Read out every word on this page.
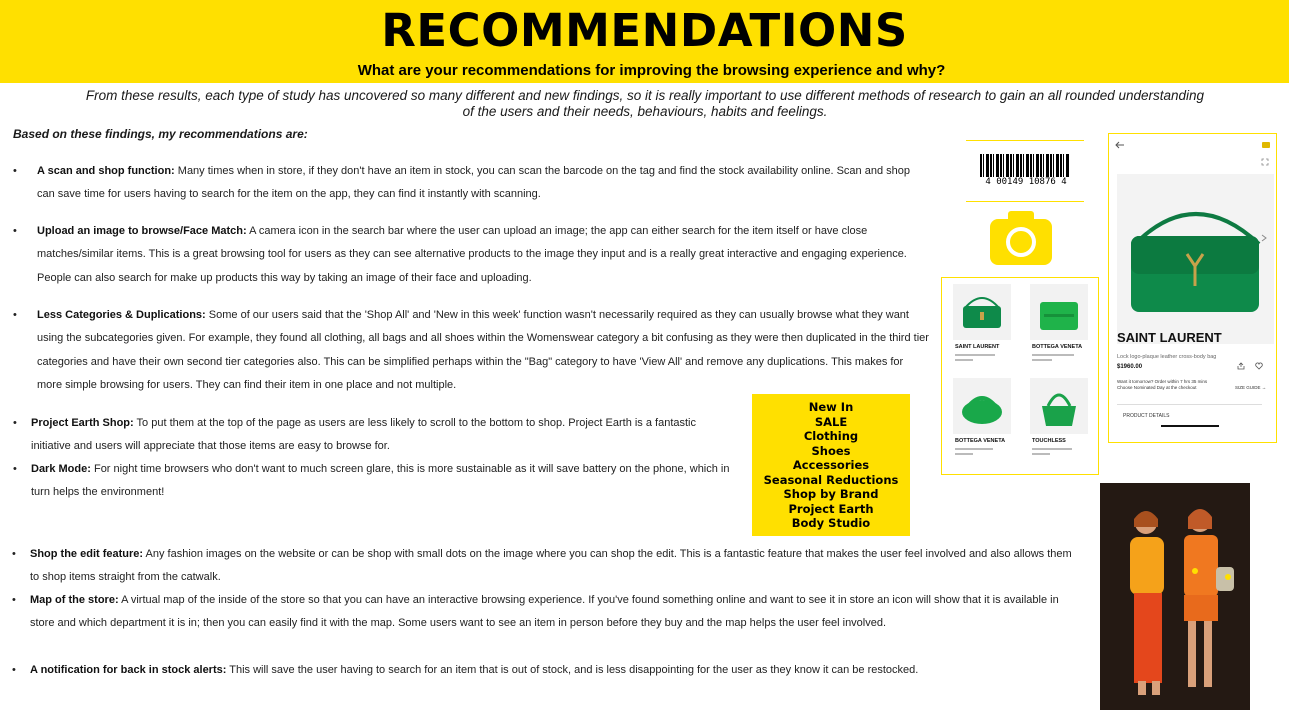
RECOMMENDATIONS
What are your recommendations for improving the browsing experience and why?
From these results, each type of study has uncovered so many different and new findings, so it is really important to use different methods of research to gain an all rounded understanding
of the users and their needs, behaviours, habits and feelings.
Based on these findings, my recommendations are:
• A scan and shop function: Many times when in store, if they don't have an item in stock, you can scan the barcode on the tag and find the stock availability online. Scan and shop can save time for users having to search for the item on the app, they can find it instantly with scanning.
• Upload an image to browse/Face Match: A camera icon in the search bar where the user can upload an image; the app can either search for the item itself or have close matches/similar items. This is a great browsing tool for users as they can see alternative products to the image they input and is a really great interactive and engaging experience. People can also search for make up products this way by taking an image of their face and uploading.
• Less Categories & Duplications: Some of our users said that the 'Shop All' and 'New in this week' function wasn't necessarily required as they can usually browse what they want using the subcategories given. For example, they found all clothing, all bags and all shoes within the Womenswear category a bit confusing as they were then duplicated in the third tier categories and have their own second tier categories also. This can be simplified perhaps within the "Bag" category to have 'View All' and remove any duplications. This makes for more simple browsing for users. They can find their item in one place and not multiple.
• Project Earth Shop: To put them at the top of the page as users are less likely to scroll to the bottom to shop. Project Earth is a fantastic initiative and users will appreciate that those items are easy to browse for.
• Dark Mode: For night time browsers who don't want to much screen glare, this is more sustainable as it will save battery on the phone, which in turn helps the environment!
• Shop the edit feature: Any fashion images on the website or can be shop with small dots on the image where you can shop the edit. This is a fantastic feature that makes the user feel involved and also allows them to shop items straight from the catwalk.
• Map of the store: A virtual map of the inside of the store so that you can have an interactive browsing experience. If you've found something online and want to see it in store an icon will show that it is available in store and which department it is in; then you can easily find it with the map. Some users want to see an item in person before they buy and the map helps the user feel involved.
• A notification for back in stock alerts: This will save the user having to search for an item that is out of stock, and is less disappointing for the user as they know it can be restocked.
4 00149 10876 4
SAINT LAURENT	BOTTEGA VENETA
BOTTEGA VENETA	TOUCHLESS
SAINT LAURENT
Lock logo-plaque leather cross-body bag
$1960.00
Want it tomorrow? Order within 7 hrs 35 mins
Choose Nominated Day at the checkout	SIZE GUIDE →
PRODUCT DETAILS
New In
SALE
Clothing
Shoes
Accessories
Seasonal Reductions
Shop by Brand
Project Earth
Body Studio
